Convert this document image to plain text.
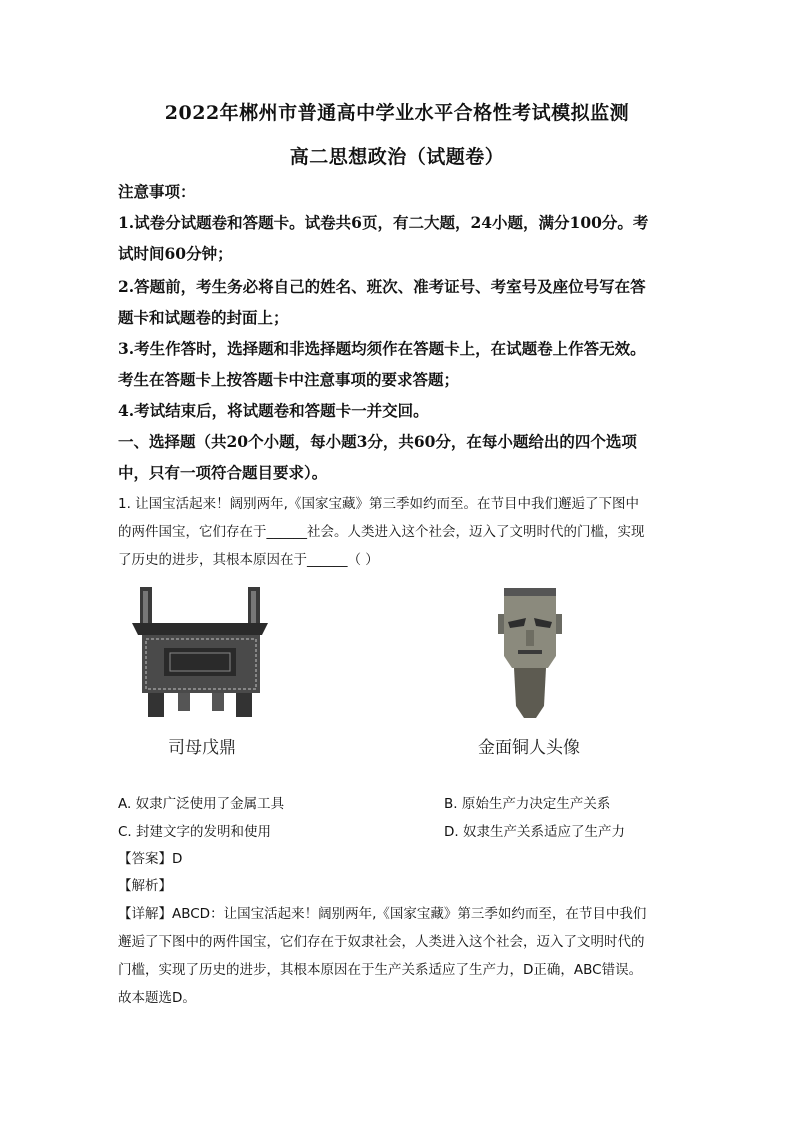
2022年郴州市普通高中学业水平合格性考试模拟监测
高二思想政治（试题卷）
注意事项：
1.试卷分试题卷和答题卡。试卷共6页，有二大题，24小题，满分100分。考
试时间60分钟；
2.答题前，考生务必将自己的姓名、班次、准考证号、考室号及座位号写在答
题卡和试题卷的封面上；
3.考生作答时，选择题和非选择题均须作在答题卡上，在试题卷上作答无效。
考生在答题卡上按答题卡中注意事项的要求答题；
4.考试结束后，将试题卷和答题卡一并交回。
一、选择题（共20个小题，每小题3分，共60分，在每小题给出的四个选项
中，只有一项符合题目要求）。
1. 让国宝活起来！阔别两年,《国家宝藏》第三季如约而至。在节目中我们邂逅了下图中
的两件国宝，它们存在于______社会。人类进入这个社会，迈入了文明时代的门槛，实现
了历史的进步，其根本原因在于______（ ）
司母戊鼎	金面铜人头像
A. 奴隶广泛使用了金属工具	B. 原始生产力决定生产关系
C. 封建文字的发明和使用	D. 奴隶生产关系适应了生产力
【答案】D
【解析】
【详解】ABCD：让国宝活起来！阔别两年,《国家宝藏》第三季如约而至，在节目中我们
邂逅了下图中的两件国宝，它们存在于奴隶社会，人类进入这个社会，迈入了文明时代的
门槛，实现了历史的进步，其根本原因在于生产关系适应了生产力，D正确，ABC错误。
故本题选D。
